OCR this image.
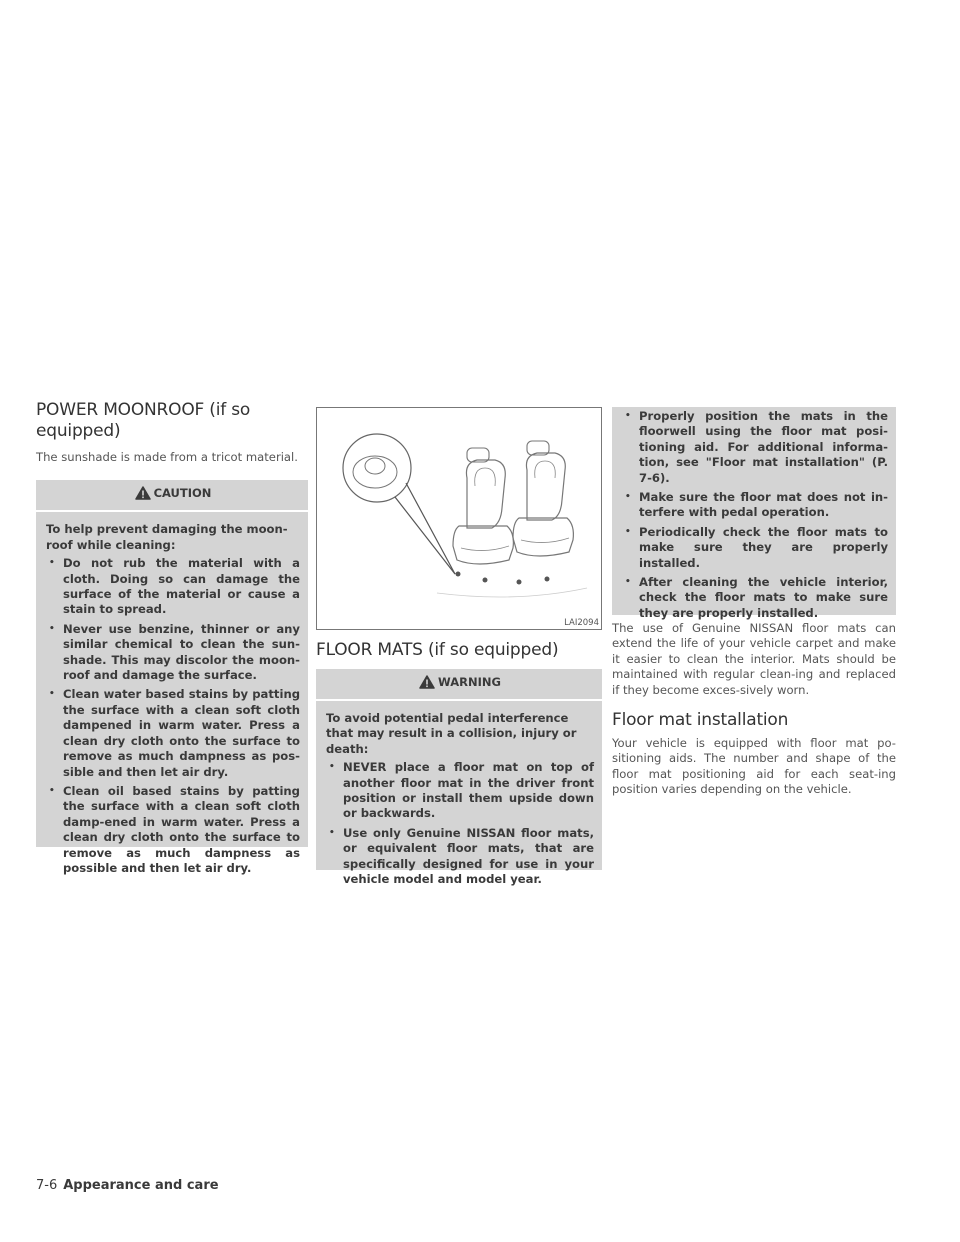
POWER MOONROOF (if so equipped)

The sunshade is made from a tricot material.

CAUTION

To help prevent damaging the moon-roof while cleaning:

• Do not rub the material with a cloth. Doing so can damage the surface of the material or cause a stain to spread.

• Never use benzine, thinner or any similar chemical to clean the sun-shade. This may discolor the moon-roof and damage the surface.

• Clean water based stains by patting the surface with a clean soft cloth dampened in warm water. Press a clean dry cloth onto the surface to remove as much dampness as pos-sible and then let air dry.

• Clean oil based stains by patting the surface with a clean soft cloth damp-ened in warm water. Press a clean dry cloth onto the surface to remove as much dampness as possible and then let air dry.

LAI2094
FLOOR MATS (if so equipped)
WARNING

To avoid potential pedal interference that may result in a collision, injury or death:

• NEVER place a floor mat on top of another floor mat in the driver front position or install them upside down or backwards.

• Use only Genuine NISSAN floor mats, or equivalent floor mats, that are specifically designed for use in your vehicle model and model year.

• Properly position the mats in the floorwell using the floor mat posi-tioning aid. For additional informa-tion, see "Floor mat installation" (P. 7-6).

• Make sure the floor mat does not in-terfere with pedal operation.

• Periodically check the floor mats to make sure they are properly installed.

• After cleaning the vehicle interior, check the floor mats to make sure they are properly installed.

The use of Genuine NISSAN floor mats can extend the life of your vehicle carpet and make it easier to clean the interior. Mats should be maintained with regular clean-ing and replaced if they become exces-sively worn.

Floor mat installation

Your vehicle is equipped with floor mat po-sitioning aids. The number and shape of the floor mat positioning aid for each seat-ing position varies depending on the vehicle.

7-6 Appearance and care
